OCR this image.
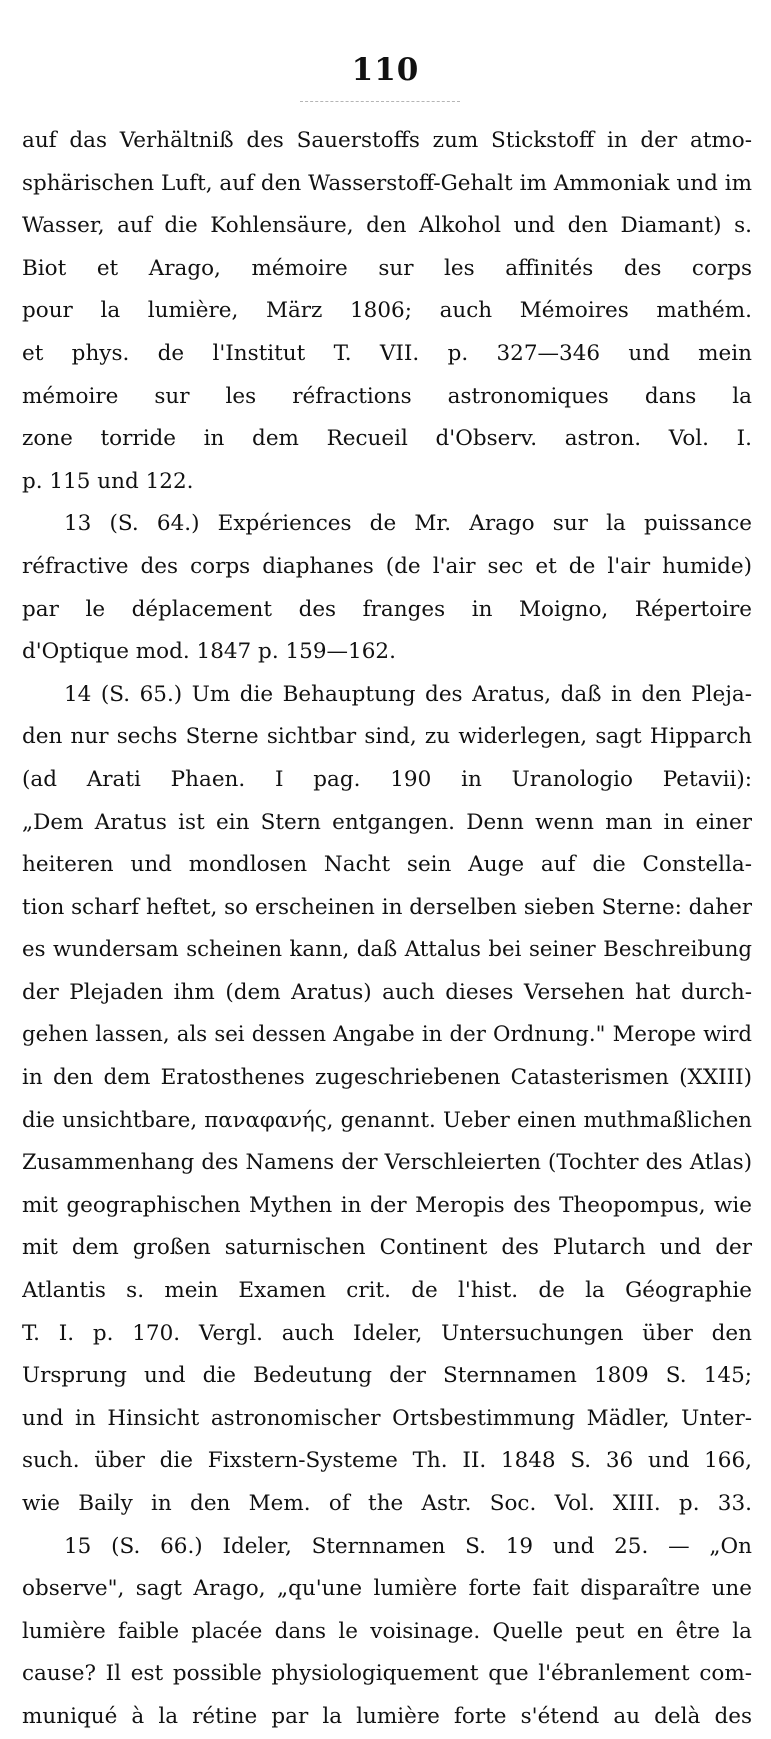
110
auf das Verhältniß des Sauerstoffs zum Stickstoff in der atmo-
sphärischen Luft, auf den Wasserstoff-Gehalt im Ammoniak und im
Wasser, auf die Kohlensäure, den Alkohol und den Diamant) s.
Biot et Arago, mémoire sur les affinités des corps
pour la lumière, März 1806; auch Mémoires mathém.
et phys. de l'Institut T. VII. p. 327—346 und mein
mémoire sur les réfractions astronomiques dans la
zone torride in dem Recueil d'Observ. astron. Vol. I.
p. 115 und 122.
13 (S. 64.) Expériences de Mr. Arago sur la puissance
réfractive des corps diaphanes (de l'air sec et de l'air humide)
par le déplacement des franges in Moigno, Répertoire
d'Optique mod. 1847 p. 159—162.
14 (S. 65.) Um die Behauptung des Aratus, daß in den Pleja-
den nur sechs Sterne sichtbar sind, zu widerlegen, sagt Hipparch
(ad Arati Phaen. I pag. 190 in Uranologio Petavii):
„Dem Aratus ist ein Stern entgangen. Denn wenn man in einer
heiteren und mondlosen Nacht sein Auge auf die Constella-
tion scharf heftet, so erscheinen in derselben sieben Sterne: daher
es wundersam scheinen kann, daß Attalus bei seiner Beschreibung
der Plejaden ihm (dem Aratus) auch dieses Versehen hat durch-
gehen lassen, als sei dessen Angabe in der Ordnung." Merope wird
in den dem Eratosthenes zugeschriebenen Catasterismen (XXIII)
die unsichtbare, παναφανής, genannt. Ueber einen muthmaßlichen
Zusammenhang des Namens der Verschleierten (Tochter des Atlas)
mit geographischen Mythen in der Meropis des Theopompus, wie
mit dem großen saturnischen Continent des Plutarch und der
Atlantis s. mein Examen crit. de l'hist. de la Géographie
T. I. p. 170. Vergl. auch Ideler, Untersuchungen über den
Ursprung und die Bedeutung der Sternnamen 1809 S. 145;
und in Hinsicht astronomischer Ortsbestimmung Mädler, Unter-
such. über die Fixstern-Systeme Th. II. 1848 S. 36 und 166,
wie Baily in den Mem. of the Astr. Soc. Vol. XIII. p. 33.
15 (S. 66.) Ideler, Sternnamen S. 19 und 25. — „On
observe", sagt Arago, „qu'une lumière forte fait disparaître une
lumière faible placée dans le voisinage. Quelle peut en être la
cause? Il est possible physiologiquement que l'ébranlement com-
muniqué à la rétine par la lumière forte s'étend au delà des
